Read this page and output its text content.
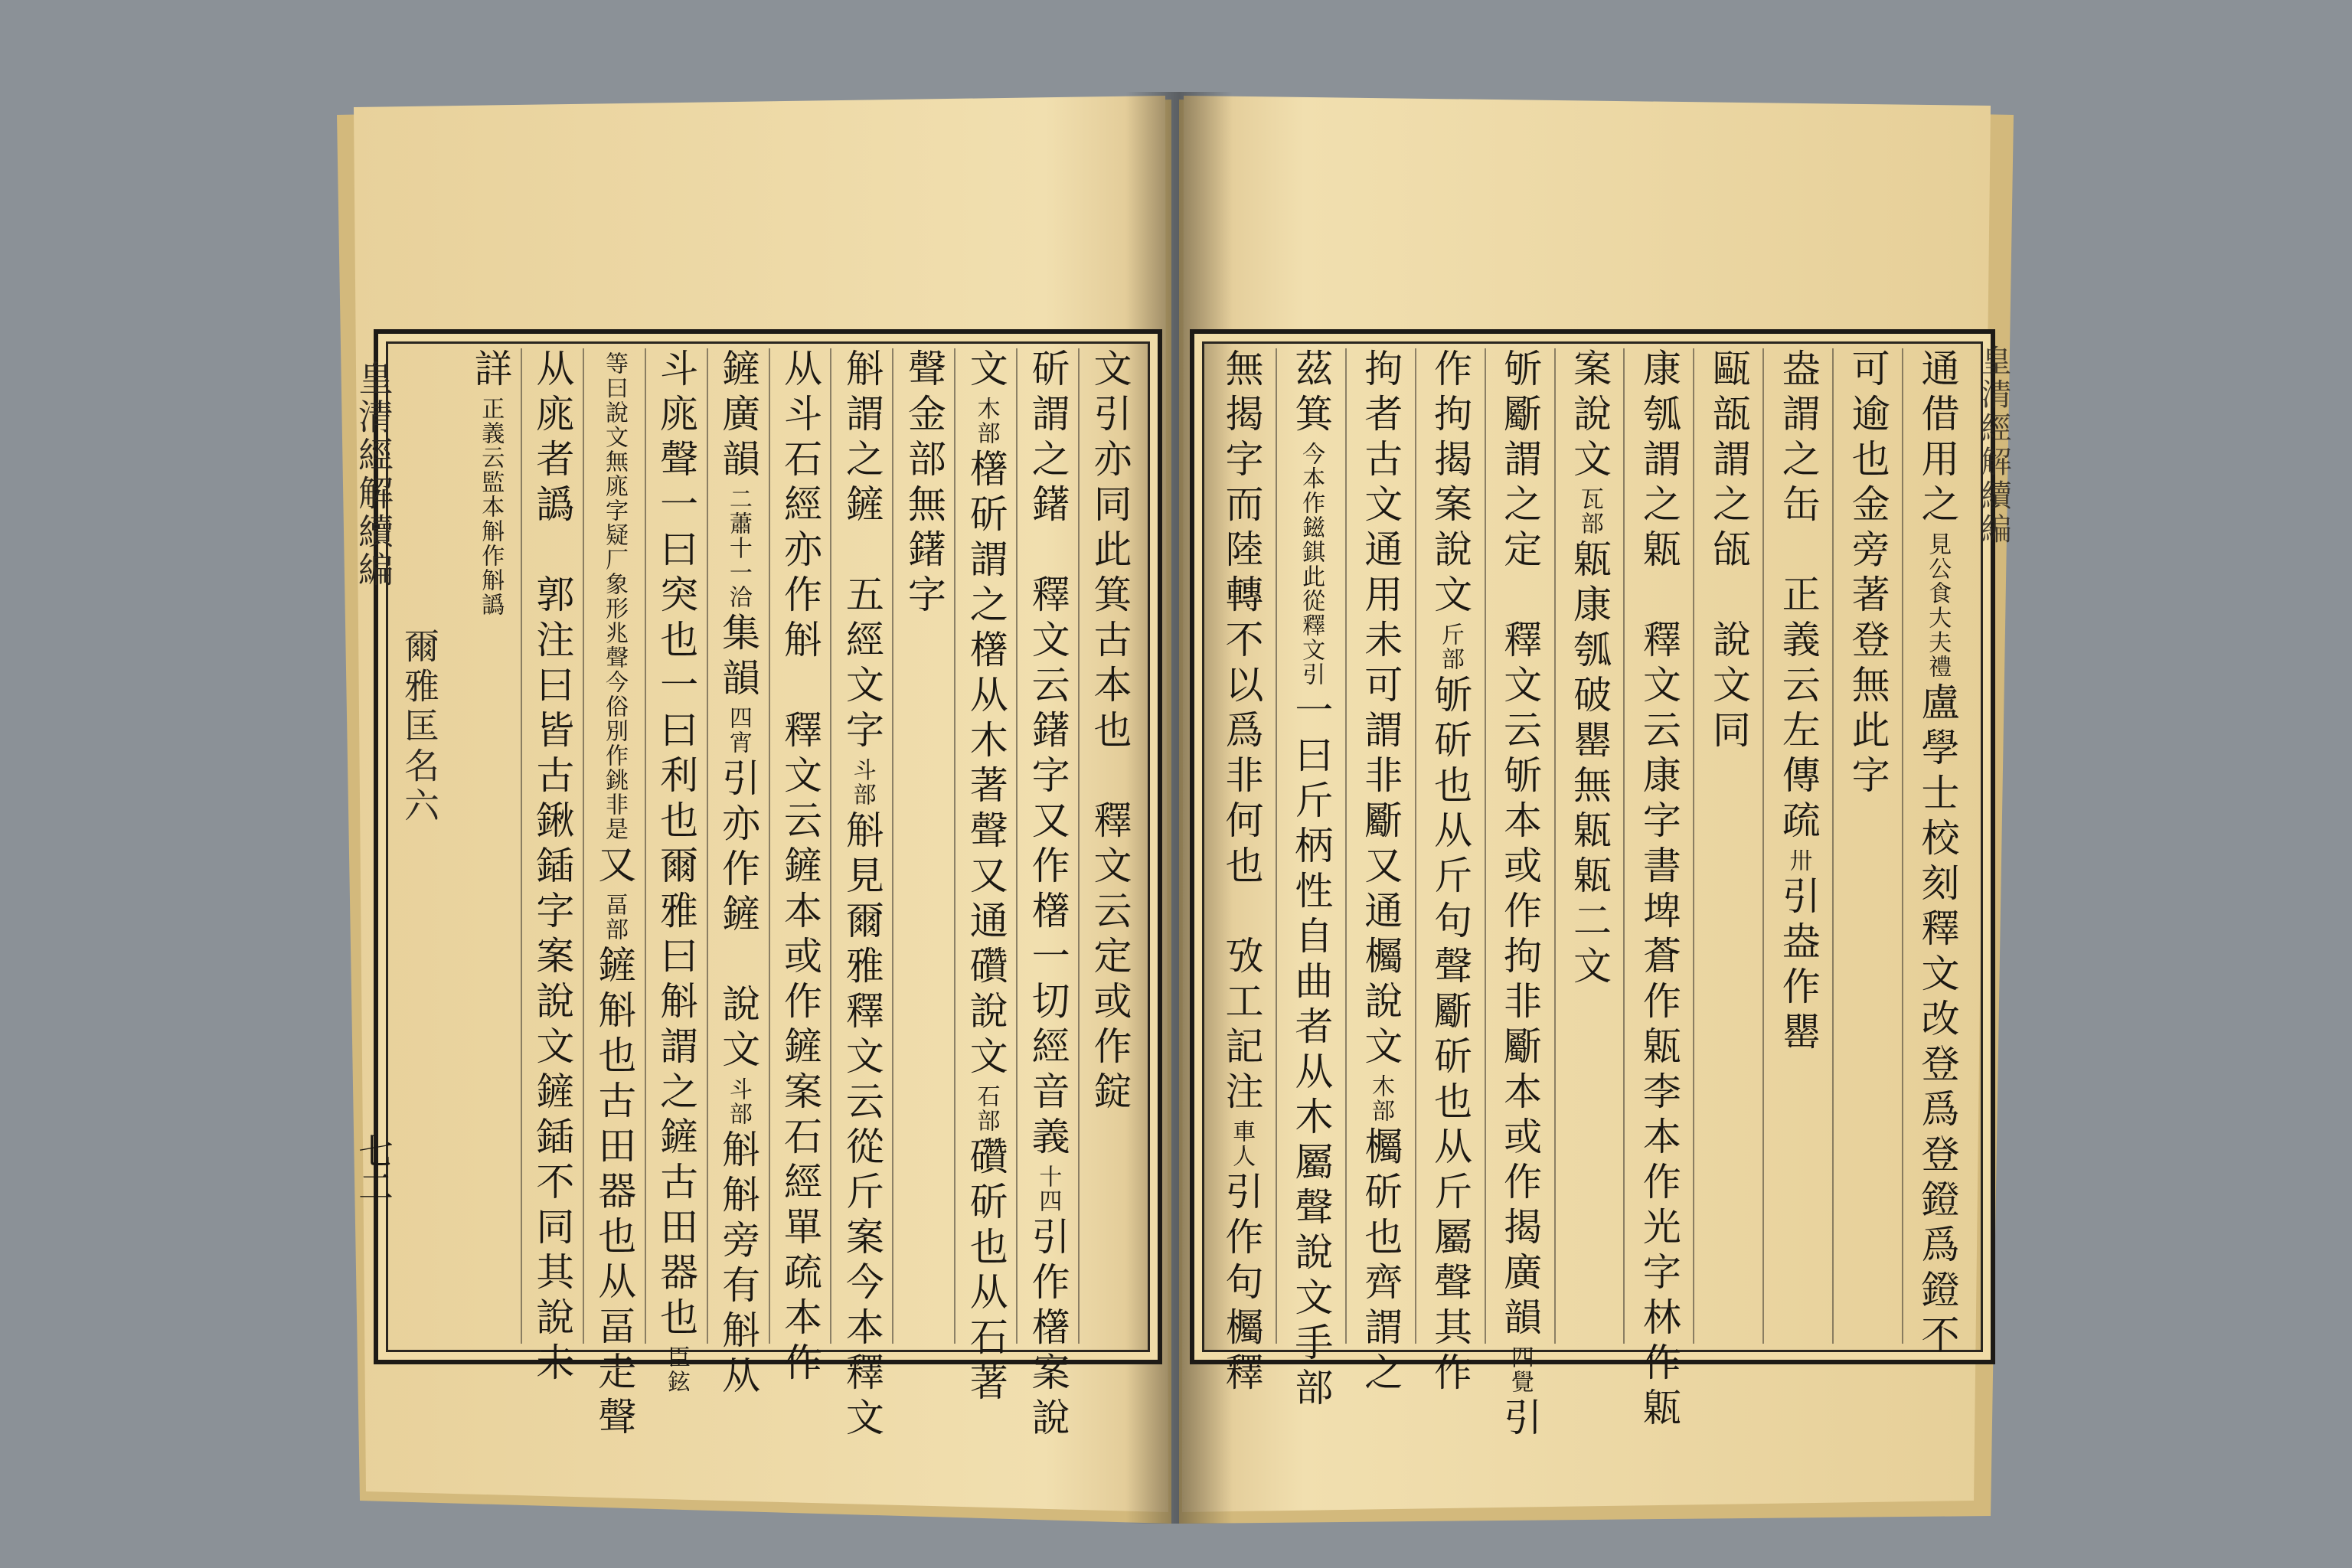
皇清經解續編
爾雅匡名六
七二
文引亦同此箕古本也　釋文云定或作錠
斫謂之鐯　釋文云鐯字又作櫡一切經音義
十四
引作櫡案說
文
木部
櫡斫謂之櫡从木著聲又通礸說文
石部
礸斫也从石著
聲金部無鐯字
斛謂之鏟　五經文字
斗部
斛見爾雅釋文云從斤案今本釋文
从斗石經亦作斛　釋文云鏟本或作鏟案石經單疏本作
鏟廣韻
二蕭十一洽
集韻
四宵
引亦作鏟　說文
斗部
斛斛旁有斛从
斗庣聲一曰突也一曰利也爾雅曰斛謂之鏟古田器也
臣鉉
等曰說文無庣字疑厂象形兆聲今俗別作銚非是
又
畐部
鏟斛也古田器也从畐走聲
从庣者譌　郭注曰皆古鍬鍤字案說文鏟鍤不同其說未
詳
正義云監本斛作斛譌	皇清經解續編
通借用之
見公食大夫禮
盧學士校刻釋文改登爲登鐙爲鐙不
可逾也金旁著登無此字
盎謂之缶　正義云左傳疏
卅
引盎作罌
甌瓿謂之瓵　說文同
康瓠謂之甈　釋文云康字書埤蒼作甈李本作光字林作甈
案說文
瓦部
甈康瓠破罌無甈甈二文
斪斸謂之定　釋文云斪本或作拘非斸本或作揭廣韻
四覺
引
作拘揭案說文
斤部
斪斫也从斤句聲斸斫也从斤屬聲其作
拘者古文通用未可謂非斸又通欘說文
木部
欘斫也齊謂之
茲箕
今本作鎡錤此從釋文引
一曰斤柄性自曲者从木屬聲說文手部
無揭字而陸轉不以爲非何也　攷工記注
車人
引作句欘釋
